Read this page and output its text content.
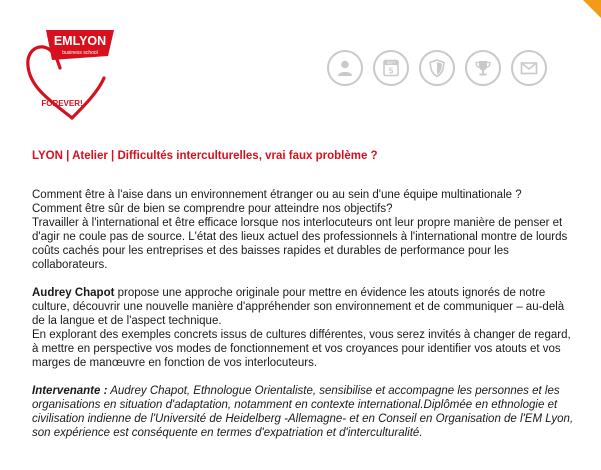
EMLYON
business school
FOREVER!
SEPT
5
LYON | Atelier | Difficultés interculturelles, vrai faux problème ?

Comment être à l'aise dans un environnement étranger ou au sein d'une équipe multinationale ?
Comment être sûr de bien se comprendre pour atteindre nos objectifs?
Travailler à l'international et être efficace lorsque nos interlocuteurs ont leur propre manière de penser et d'agir ne coule pas de source. L'état des lieux actuel des professionnels à l'international montre de lourds coûts cachés pour les entreprises et des baisses rapides et durables de performance pour les collaborateurs.

Audrey Chapot propose une approche originale pour mettre en évidence les atouts ignorés de notre culture, découvrir une nouvelle manière d'appréhender son environnement et de communiquer – au-delà de la langue et de l'aspect technique.
En explorant des exemples concrets issus de cultures différentes, vous serez invités à changer de regard, à mettre en perspective vos modes de fonctionnement et vos croyances pour identifier vos atouts et vos marges de manœuvre en fonction de vos interlocuteurs.

Intervenante : Audrey Chapot, Ethnologue Orientaliste, sensibilise et accompagne les personnes et les organisations en situation d'adaptation, notamment en contexte international.Diplômée en ethnologie et civilisation indienne de l'Université de Heidelberg -Allemagne- et en Conseil en Organisation de l'EM Lyon, son expérience est conséquente en termes d'expatriation et d'interculturalité.
